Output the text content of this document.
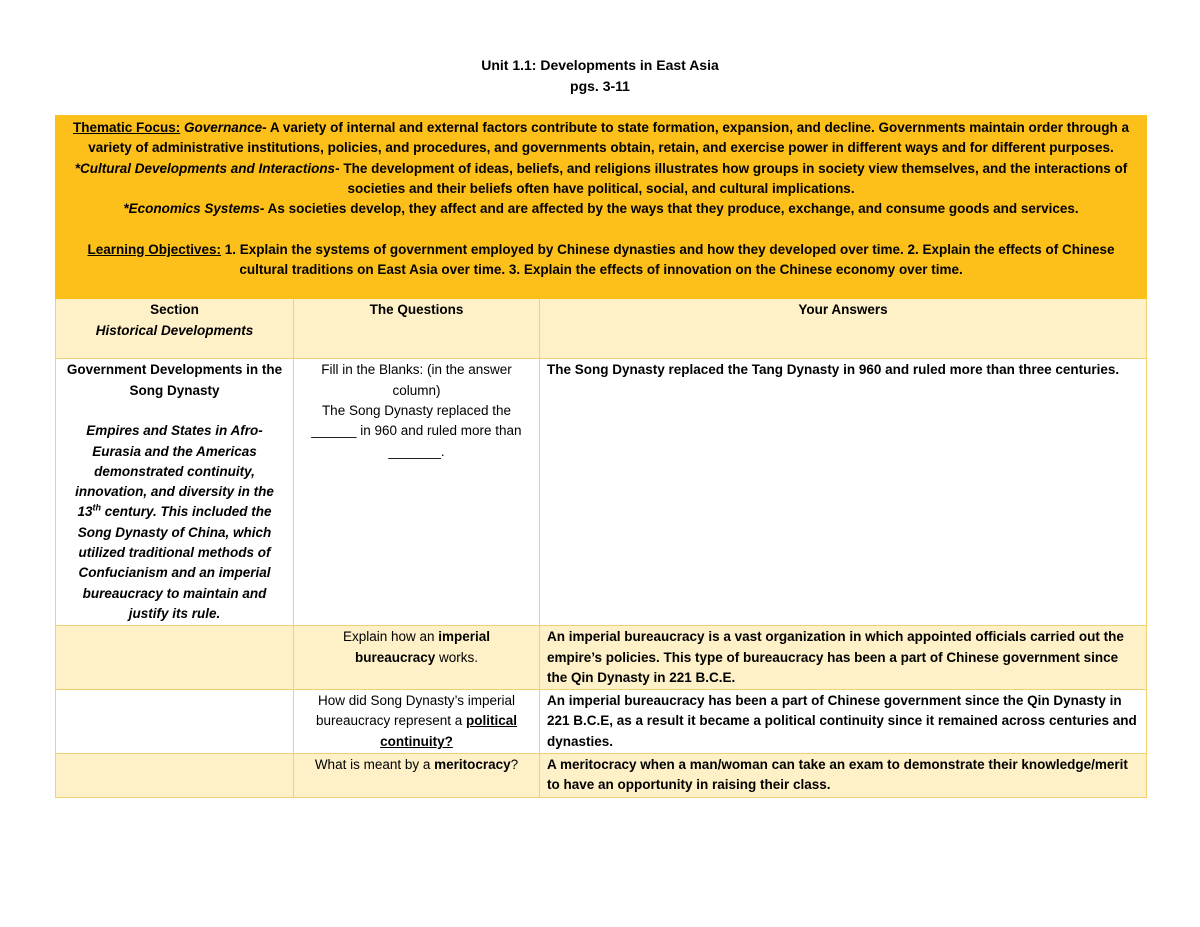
Unit 1.1: Developments in East Asia
pgs. 3-11
Thematic Focus: Governance- A variety of internal and external factors contribute to state formation, expansion, and decline. Governments maintain order through a variety of administrative institutions, policies, and procedures, and governments obtain, retain, and exercise power in different ways and for different purposes.
*Cultural Developments and Interactions- The development of ideas, beliefs, and religions illustrates how groups in society view themselves, and the interactions of societies and their beliefs often have political, social, and cultural implications.
*Economics Systems- As societies develop, they affect and are affected by the ways that they produce, exchange, and consume goods and services.

Learning Objectives: 1. Explain the systems of government employed by Chinese dynasties and how they developed over time. 2. Explain the effects of Chinese cultural traditions on East Asia over time. 3. Explain the effects of innovation on the Chinese economy over time.		
Section
Historical Developments	The Questions	Your Answers
Government Developments in the Song Dynasty

Empires and States in Afro-Eurasia and the Americas demonstrated continuity, innovation, and diversity in the 13th century. This included the Song Dynasty of China, which utilized traditional methods of Confucianism and an imperial bureaucracy to maintain and justify its rule.	Fill in the Blanks: (in the answer column)
The Song Dynasty replaced the ______ in 960 and ruled more than _______.	The Song Dynasty replaced the Tang Dynasty in 960 and ruled more than three centuries.
	Explain how an imperial bureaucracy works.	An imperial bureaucracy is a vast organization in which appointed officials carried out the empire’s policies. This type of bureaucracy has been a part of Chinese government since the Qin Dynasty in 221 B.C.E.
	How did Song Dynasty’s imperial bureaucracy represent a political continuity?	An imperial bureaucracy has been a part of Chinese government since the Qin Dynasty in 221 B.C.E, as a result it became a political continuity since it remained across centuries and dynasties.
	What is meant by a meritocracy?	A meritocracy when a man/woman can take an exam to demonstrate their knowledge/merit to have an opportunity in raising their class.
